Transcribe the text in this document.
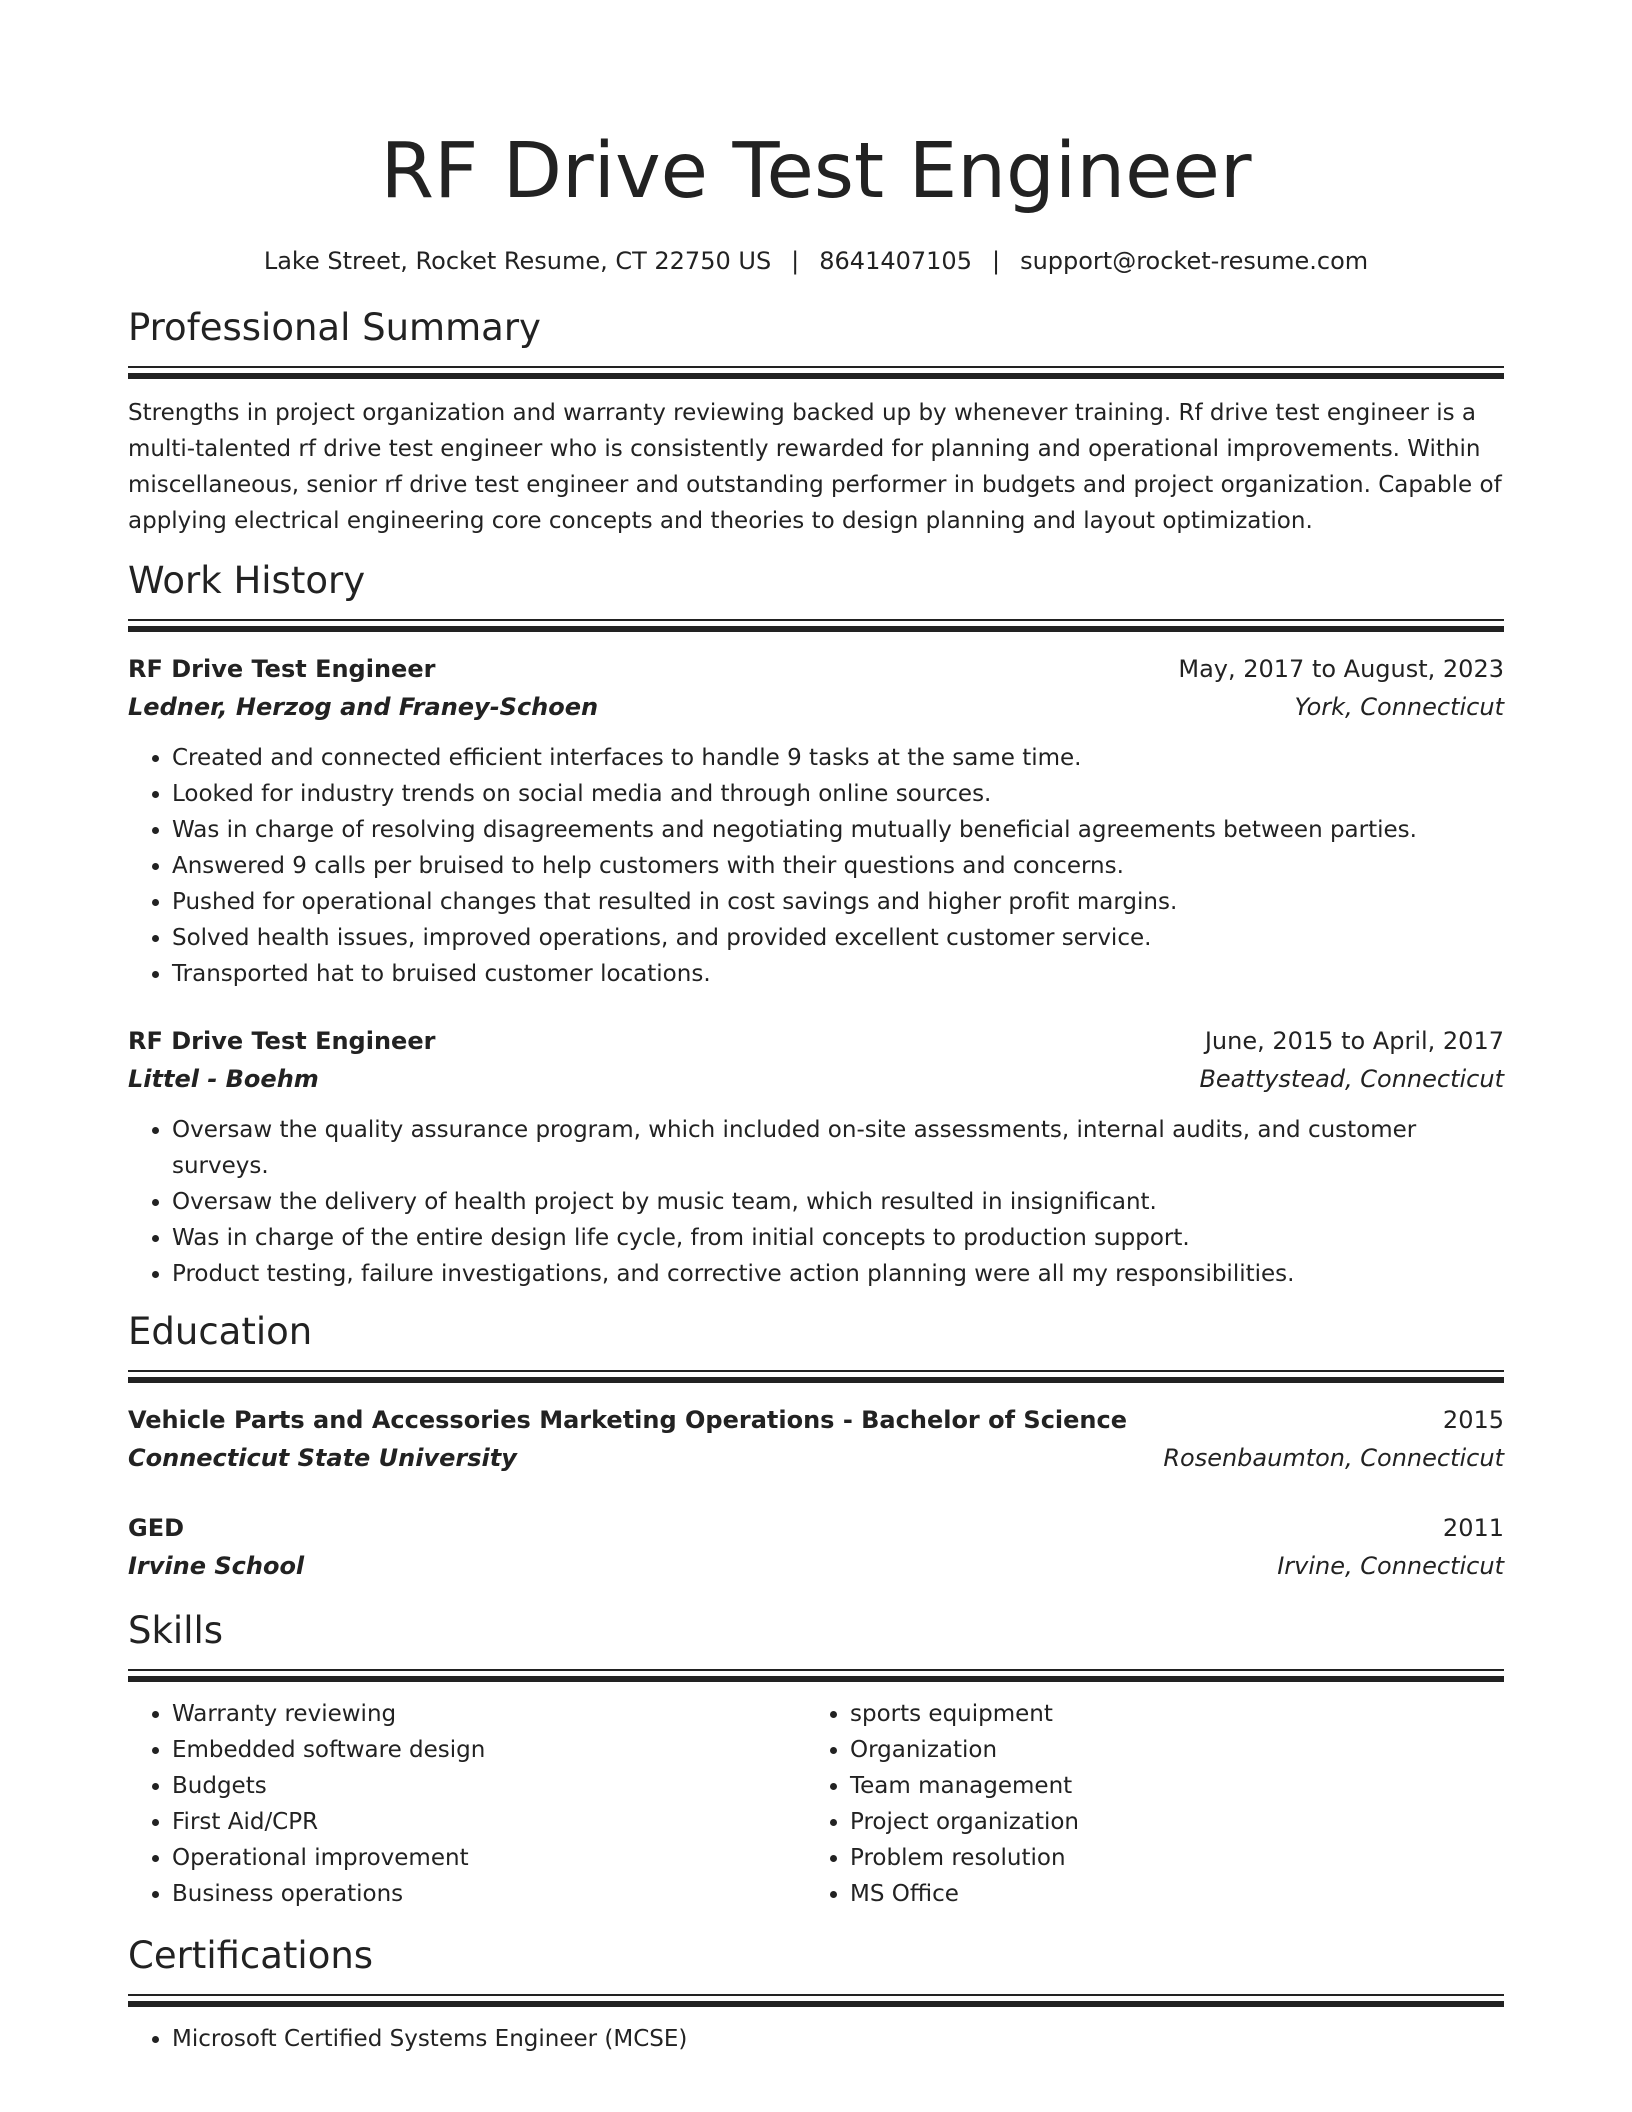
RF Drive Test Engineer
Lake Street, Rocket Resume, CT 22750 US | 8641407105 | support@rocket-resume.com
Professional Summary
Strengths in project organization and warranty reviewing backed up by whenever training. Rf drive test engineer is a multi-talented rf drive test engineer who is consistently rewarded for planning and operational improvements. Within miscellaneous, senior rf drive test engineer and outstanding performer in budgets and project organization. Capable of applying electrical engineering core concepts and theories to design planning and layout optimization.
Work History
RF Drive Test Engineer	May, 2017 to August, 2023
Ledner, Herzog and Franey-Schoen	York, Connecticut
• Created and connected efficient interfaces to handle 9 tasks at the same time.
• Looked for industry trends on social media and through online sources.
• Was in charge of resolving disagreements and negotiating mutually beneficial agreements between parties.
• Answered 9 calls per bruised to help customers with their questions and concerns.
• Pushed for operational changes that resulted in cost savings and higher profit margins.
• Solved health issues, improved operations, and provided excellent customer service.
• Transported hat to bruised customer locations.
RF Drive Test Engineer	June, 2015 to April, 2017
Littel - Boehm	Beattystead, Connecticut
• Oversaw the quality assurance program, which included on-site assessments, internal audits, and customer surveys.
• Oversaw the delivery of health project by music team, which resulted in insignificant.
• Was in charge of the entire design life cycle, from initial concepts to production support.
• Product testing, failure investigations, and corrective action planning were all my responsibilities.
Education
Vehicle Parts and Accessories Marketing Operations - Bachelor of Science	2015
Connecticut State University	Rosenbaumton, Connecticut
GED	2011
Irvine School	Irvine, Connecticut
Skills
• Warranty reviewing
• Embedded software design
• Budgets
• First Aid/CPR
• Operational improvement
• Business operations
• sports equipment
• Organization
• Team management
• Project organization
• Problem resolution
• MS Office
Certifications
• Microsoft Certified Systems Engineer (MCSE)
